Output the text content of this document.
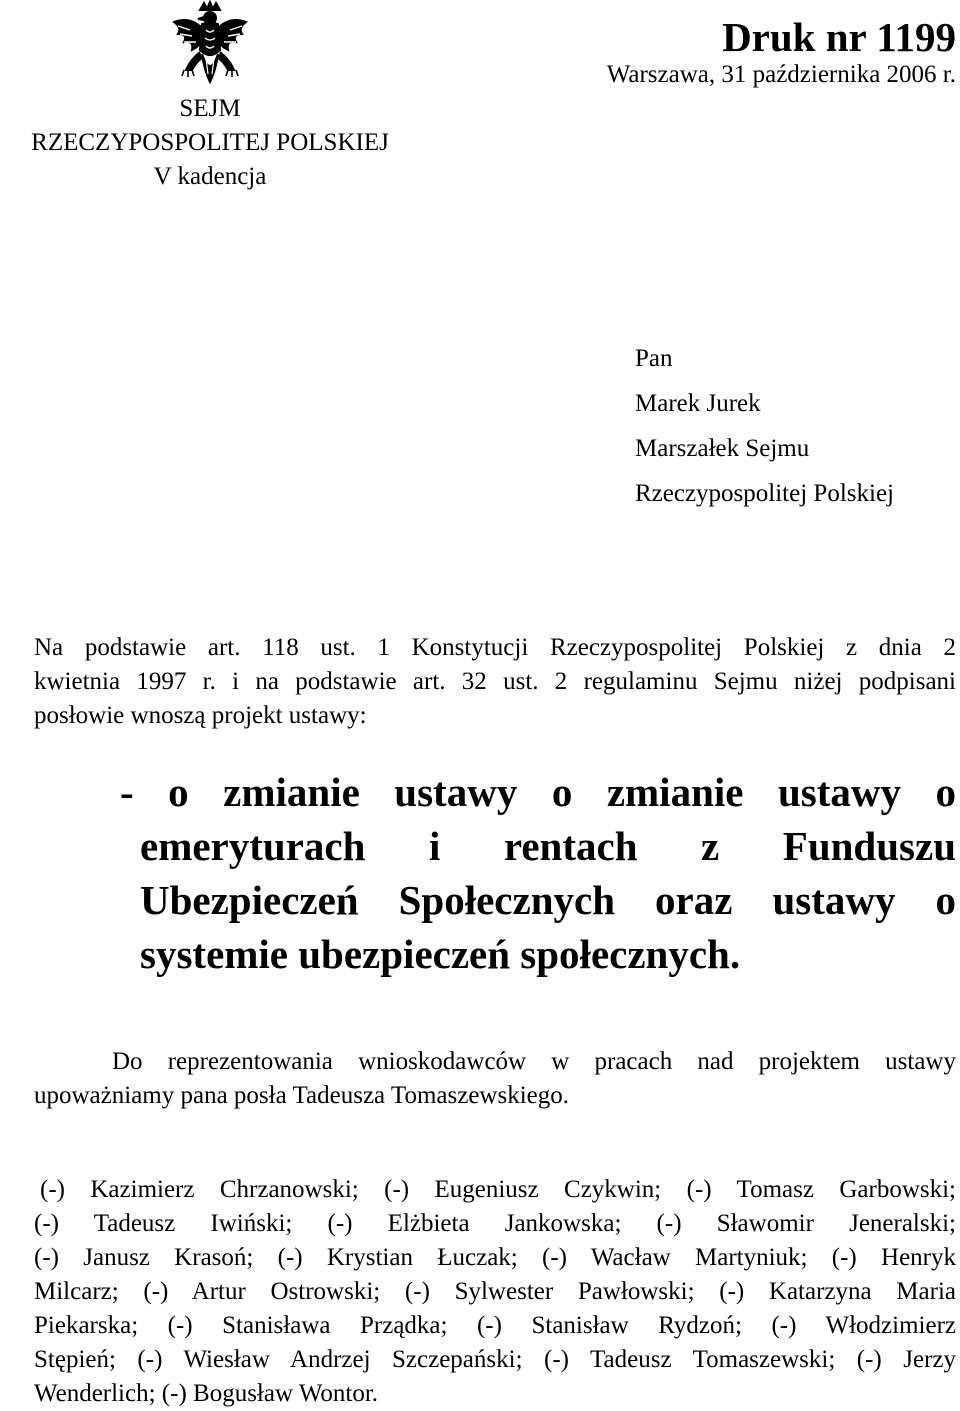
SEJM
RZECZYPOSPOLITEJ POLSKIEJ
V kadencja
Druk nr 1199
Warszawa, 31 października 2006 r.
Pan
Marek Jurek
Marszałek Sejmu
Rzeczypospolitej Polskiej
Na podstawie art. 118 ust. 1 Konstytucji Rzeczypospolitej Polskiej z dnia 2
kwietnia 1997 r. i na podstawie art. 32 ust. 2 regulaminu Sejmu niżej podpisani
posłowie wnoszą projekt ustawy:
- o zmianie ustawy o zmianie ustawy o
emeryturach i rentach z Funduszu
Ubezpieczeń Społecznych oraz ustawy o
systemie ubezpieczeń społecznych.
Do reprezentowania wnioskodawców w pracach nad projektem ustawy
upoważniamy pana posła Tadeusza Tomaszewskiego.
(-) Kazimierz Chrzanowski; (-) Eugeniusz Czykwin; (-) Tomasz Garbowski;
(-) Tadeusz Iwiński; (-) Elżbieta Jankowska; (-) Sławomir Jeneralski;
(-) Janusz Krasoń; (-) Krystian Łuczak; (-) Wacław Martyniuk; (-) Henryk
Milcarz; (-) Artur Ostrowski; (-) Sylwester Pawłowski; (-) Katarzyna Maria
Piekarska; (-) Stanisława Prządka; (-) Stanisław Rydzoń; (-) Włodzimierz
Stępień; (-) Wiesław Andrzej Szczepański; (-) Tadeusz Tomaszewski; (-) Jerzy
Wenderlich; (-) Bogusław Wontor.
